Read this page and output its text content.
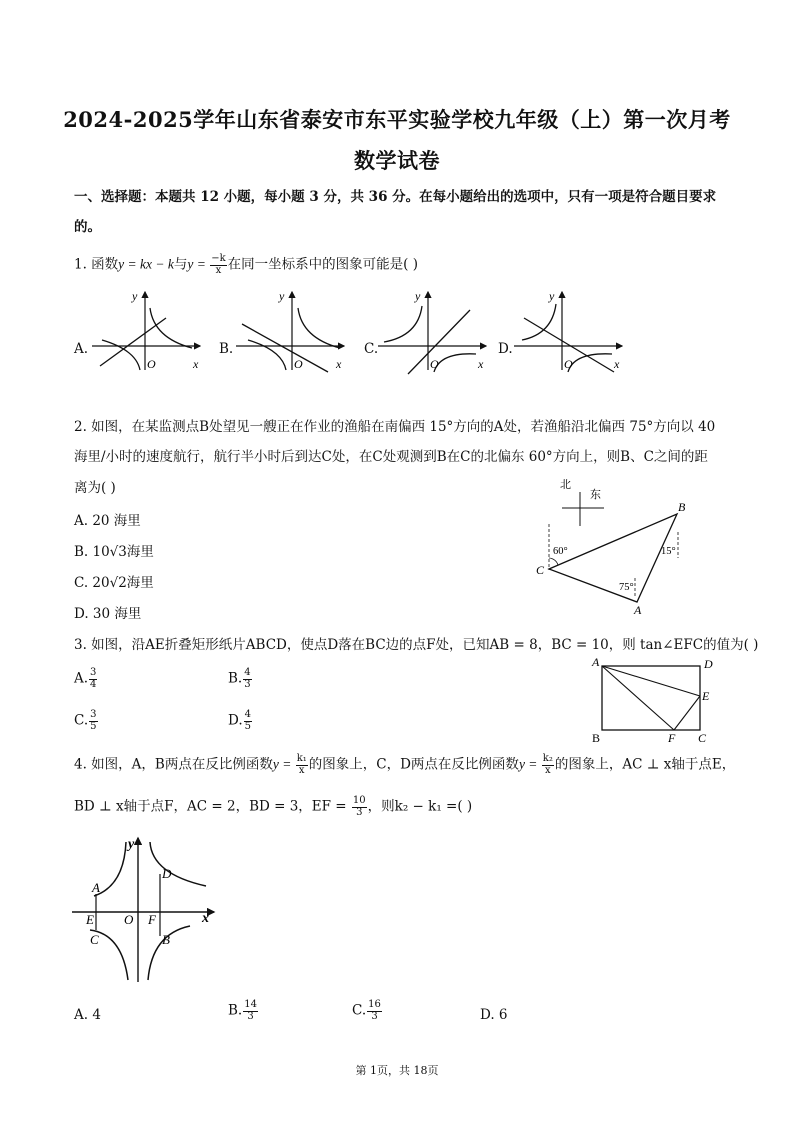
2024-2025学年山东省泰安市东平实验学校九年级（上）第一次月考
数学试卷
一、选择题：本题共 12 小题，每小题 3 分，共 36 分。在每小题给出的选项中，只有一项是符合题目要求
的。
1. 函数y = kx − k与$y = \frac{-k}{x}$ 在同一坐标系中的图象可能是( )
A.	B.	C.	D.
y
O	x
y
O	x
y
O	x
y
O	x
2. 如图，在某监测点B处望见一艘正在作业的渔船在南偏西 15°方向的A处，若渔船沿北偏西 75°方向以 40
海里/小时的速度航行，航行半小时后到达C处，在C处观测到B在C的北偏东 60°方向上，则B、C之间的距
离为( )
A. 20 海里
B. 10√3海里
C. 20√2海里
D. 30 海里
北
东
B
C
A
60°	15°
75°
3. 如图，沿AE折叠矩形纸片ABCD，使点D落在BC边的点F处，已知AB = 8，BC = 10，则 tan∠EFC的值为( )
A. $\frac{3}{4}$	B. $\frac{4}{3}$
C. $\frac{3}{5}$	D. $\frac{4}{5}$
A	D
E
B	F C
4. 如图，A，B两点在反比例函数$y = \frac{\text{k₁}}{x}$ 的图象上，C，D两点在反比例函数$y = \frac{\text{k₂}}{x}$ 的图象上，AC ⊥ x轴于点E，
BD ⊥ x轴于点F，AC = 2，BD = 3，EF = $\frac{10}{3}$ ，则k₂ − k₁ =( )
y
x
A
D
E O F
C	B
A. 4	B. $\frac{14}{3}$	C. $\frac{16}{3}$	D. 6
第 1页，共 18页
